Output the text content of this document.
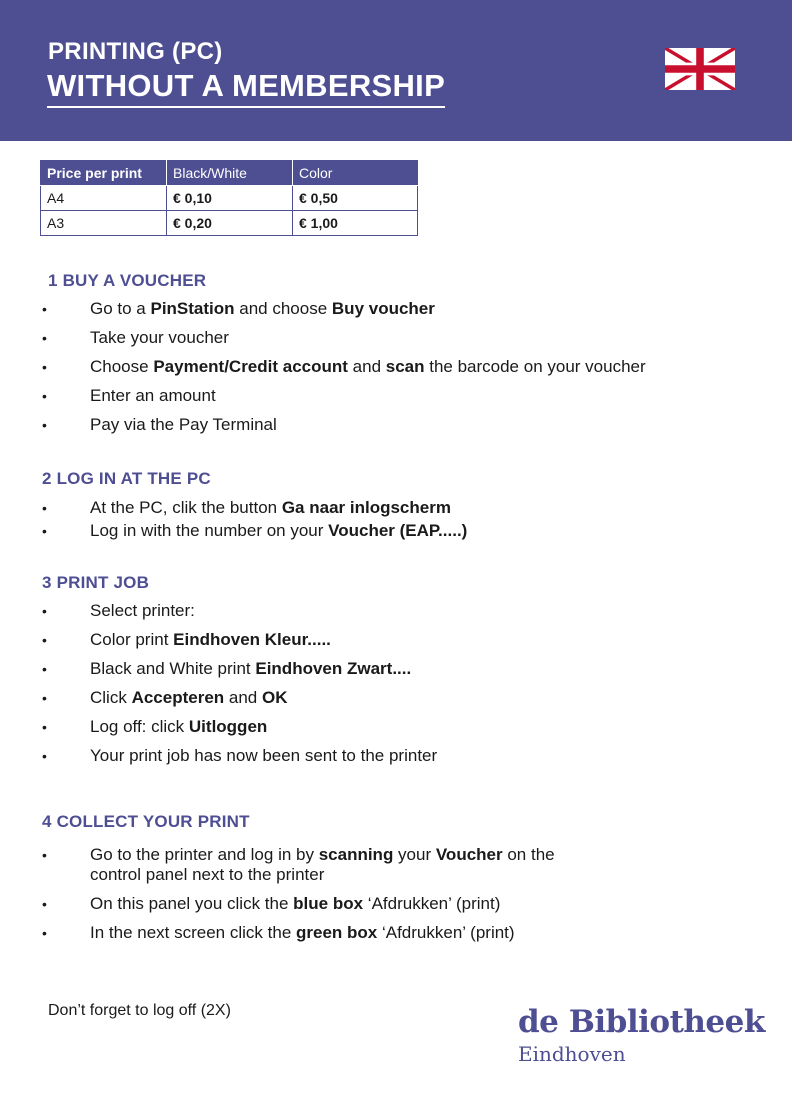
PRINTING (PC)
WITHOUT A MEMBERSHIP
Price per print	Black/White	Color
A4	€ 0,10	€ 0,50
A3	€ 0,20	€ 1,00
1 BUY A VOUCHER
•	Go to a PinStation and choose Buy voucher
•	Take your voucher
•	Choose Payment/Credit account and scan the barcode on your voucher
•	Enter an amount
•	Pay via the Pay Terminal
2 LOG IN AT THE PC
•	At the PC, clik the button Ga naar inlogscherm
•	Log in with the number on your Voucher (EAP.....)
3 PRINT JOB
•	Select printer:
•	Color print Eindhoven Kleur.....
•	Black and White print Eindhoven Zwart....
•	Click Accepteren and OK
•	Log off: click Uitloggen
•	Your print job has now been sent to the printer
4 COLLECT YOUR PRINT
•	Go to the printer and log in by scanning your Voucher on the
control panel next to the printer
•	On this panel you click the blue box ‘Afdrukken’ (print)
•	In the next screen click the green box ‘Afdrukken’ (print)
Don’t forget to log off (2X)	de Bibliotheek
Eindhoven
